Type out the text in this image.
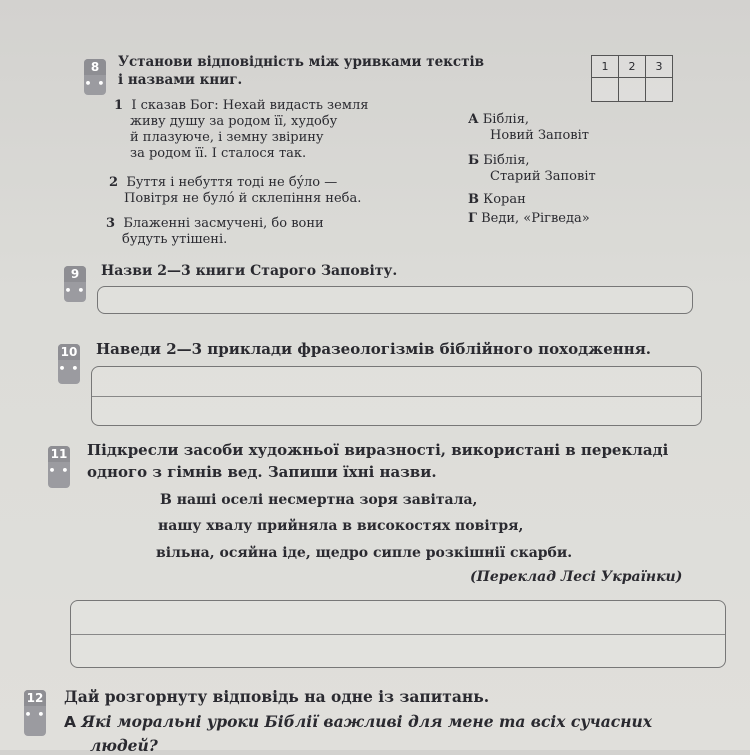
8
• •
Установи відповідність між уривками текстів
і назвами книг.
1	2	3
1 І сказав Бог: Нехай видасть земля
живу душу за родом її, худобу
й плазуюче, і земну звірину
за родом її. І сталося так.
2 Буття і небуття тоді не бýло —
Повітря не булó й склепіння неба.
3 Блаженні засмучені, бо вони
будуть утішені.
А Біблія,
Новий Заповіт
Б Біблія,
Старий Заповіт
В Коран
Г Веди, «Рігведа»
9
• •
Назви 2—3 книги Старого Заповіту.
10
• •
Наведи 2—3 приклади фразеологізмів біблійного походження.
11
• •
Підкресли засоби художньої виразності, використані в перекладі
одного з гімнів вед. Запиши їхні назви.
В наші оселі несмертна зоря завітала,
нашу хвалу прийняла в високостях повітря,
вільна, осяйна іде, щедро сипле розкішнії скарби.
(Переклад Лесі Українки)
12
• •
Дай розгорнуту відповідь на одне із запитань.
А Які моральні уроки Біблії важливі для мене та всіх сучасних
людей?
